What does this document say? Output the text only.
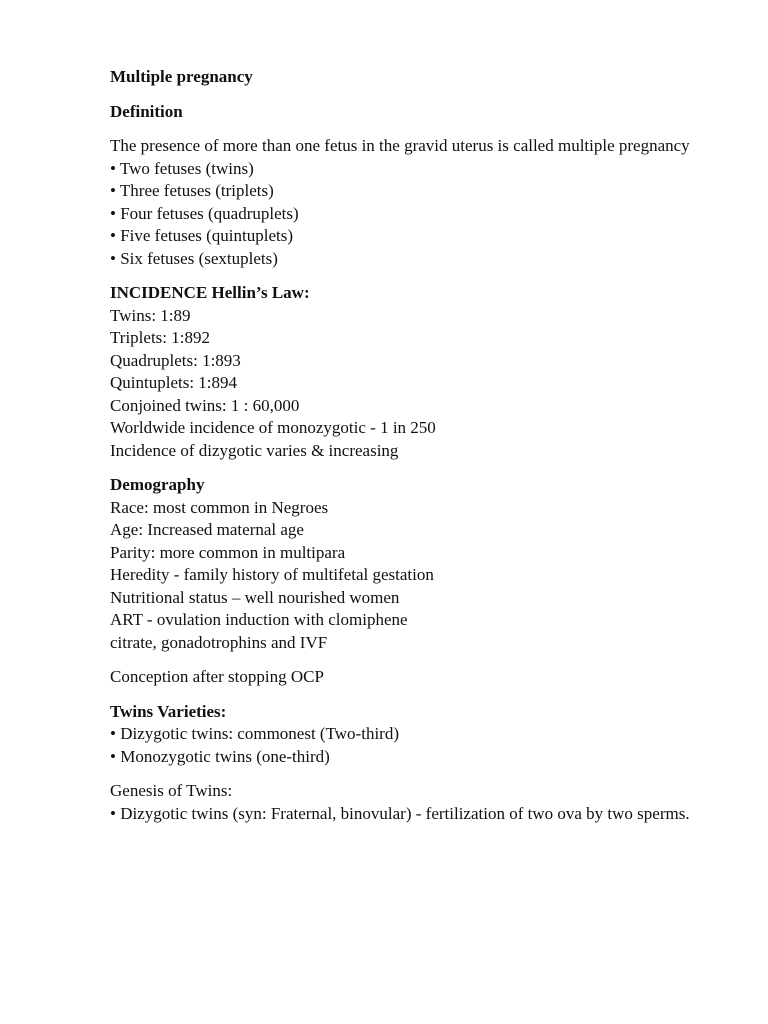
Multiple pregnancy
Definition
The presence of more than one fetus in the gravid uterus is called multiple pregnancy
• Two fetuses (twins)
• Three fetuses (triplets)
• Four fetuses (quadruplets)
• Five fetuses (quintuplets)
• Six fetuses (sextuplets)
INCIDENCE Hellin’s Law:
Twins: 1:89
Triplets: 1:892
Quadruplets: 1:893
Quintuplets: 1:894
Conjoined twins: 1 : 60,000
Worldwide incidence of monozygotic - 1 in 250
Incidence of dizygotic varies & increasing
Demography
Race: most common in Negroes
Age: Increased maternal age
Parity: more common in multipara
Heredity - family history of multifetal gestation
Nutritional status – well nourished women
ART - ovulation induction with clomiphene
citrate, gonadotrophins and IVF
Conception after stopping OCP
Twins Varieties:
• Dizygotic twins: commonest (Two-third)
• Monozygotic twins (one-third)
Genesis of Twins:
• Dizygotic twins (syn: Fraternal, binovular) - fertilization of two ova by two sperms.
